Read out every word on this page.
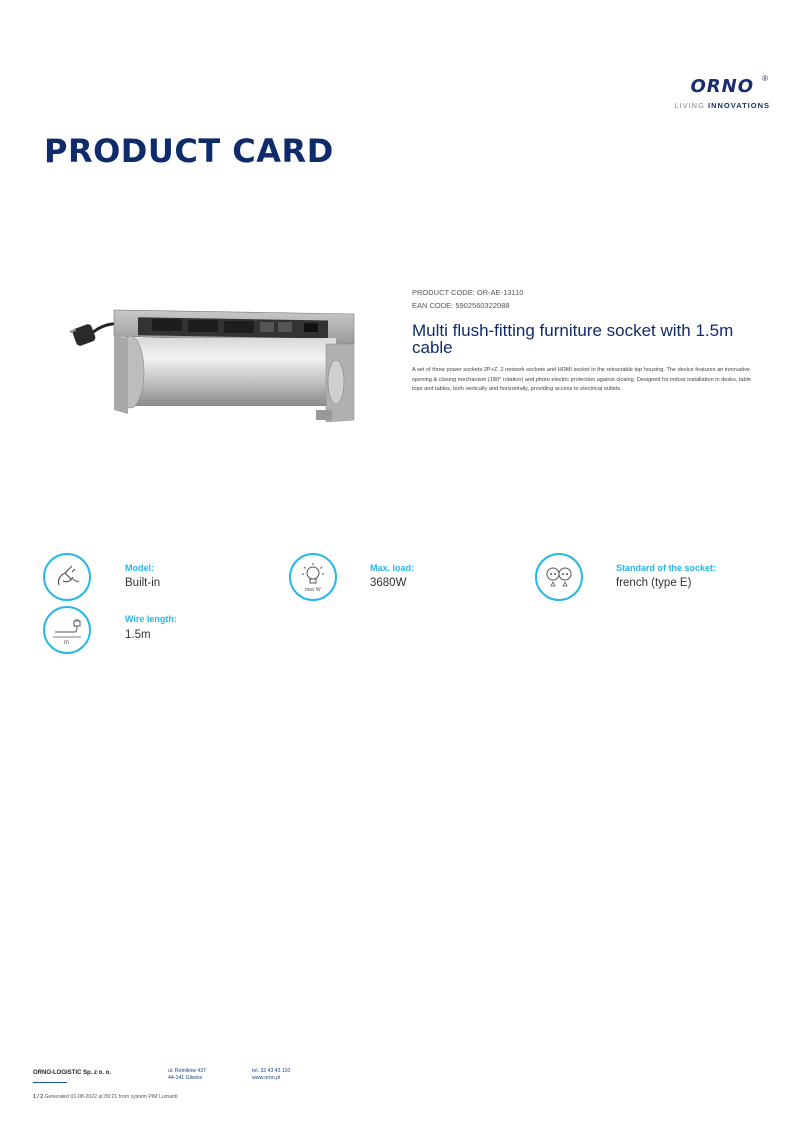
ORNO ®
LIVING INNOVATIONS
PRODUCT CARD
PRODUCT CODE: OR-AE-13110
EAN CODE: 5902560322088
Multi flush-fitting furniture socket with 1.5m cable
A set of three power sockets 2P+Z, 2 network sockets and HDMI socket in the retractable top housing. The device features an innovative opening & closing mechanism (180° rotation) and photo electric protection against closing. Designed for indoor installation in desks, table tops and tables, both vertically and horizontally, providing access to electrical outlets.
Model:
Built-in
max W
Max. load:
3680W
Standard of the socket:
french (type E)
m
Wire length:
1.5m
ORNO-LOGISTIC Sp. z o. o.	ul. Rolników 437
44-141 Gliwice
tel. 32 43 43 110
www.orno.pl
1 / 2 Generated 01-08-2022 at 09:21 from system PIM Lumanti
